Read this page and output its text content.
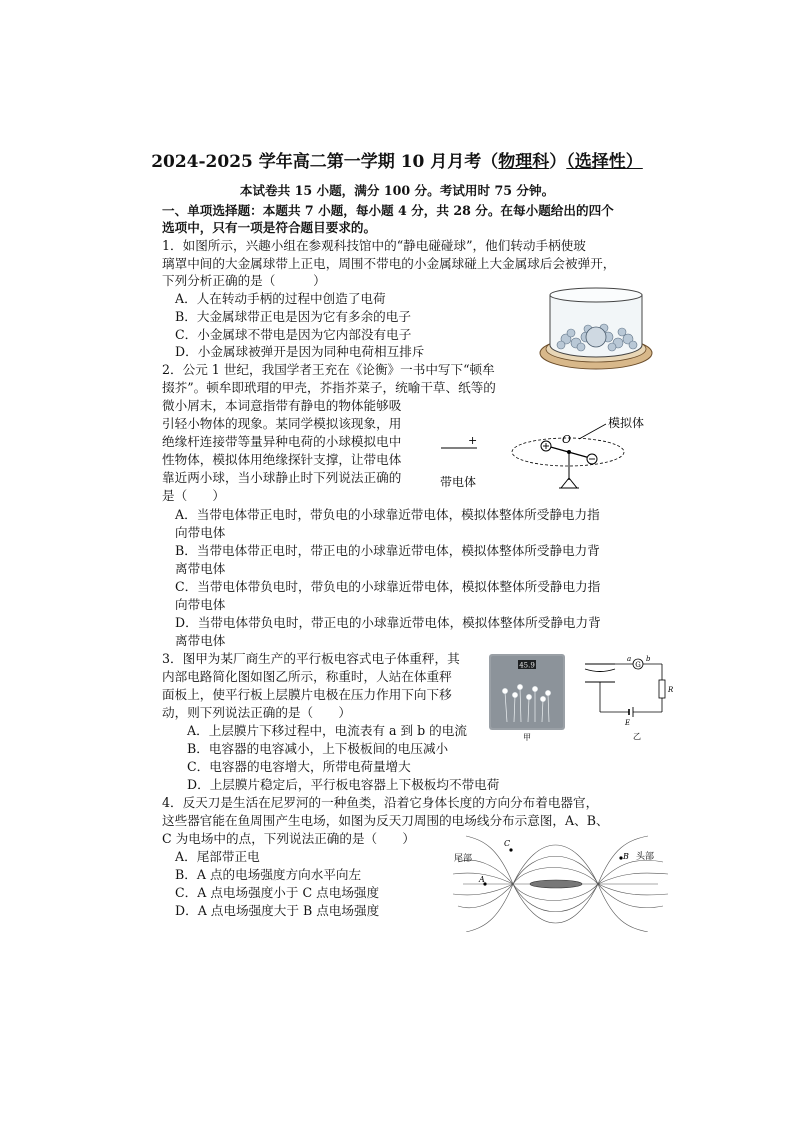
2024-2025 学年高二第一学期 10 月月考（物理科）（选择性）
本试卷共 15 小题，满分 100 分。考试用时 75 分钟。
一、单项选择题：本题共 7 小题，每小题 4 分，共 28 分。在每小题给出的四个
选项中，只有一项是符合题目要求的。
1．如图所示，兴趣小组在参观科技馆中的“静电碰碰球”，他们转动手柄使玻
璃罩中间的大金属球带上正电，周围不带电的小金属球碰上大金属球后会被弹开，
下列分析正确的是（　　　）
A．人在转动手柄的过程中创造了电荷
B．大金属球带正电是因为它有多余的电子
C．小金属球不带电是因为它内部没有电子
D．小金属球被弹开是因为同种电荷相互排斥
2．公元 1 世纪，我国学者王充在《论衡》一书中写下“顿牟
掇芥”。顿牟即玳瑁的甲壳，芥指芥菜子，统喻干草、纸等的
微小屑末，本词意指带有静电的物体能够吸
引轻小物体的现象。某同学模拟该现象，用
绝缘杆连接带等量异种电荷的小球模拟电中
性物体，模拟体用绝缘探针支撑，让带电体
靠近两小球，当小球静止时下列说法正确的
是（　　）
+
带电体
O
模拟体
A．当带电体带正电时，带负电的小球靠近带电体，模拟体整体所受静电力指
向带电体
B．当带电体带正电时，带正电的小球靠近带电体，模拟体整体所受静电力背
离带电体
C．当带电体带负电时，带负电的小球靠近带电体，模拟体整体所受静电力指
向带电体
D．当带电体带负电时，带正电的小球靠近带电体，模拟体整体所受静电力背
离带电体
3．图甲为某厂商生产的平行板电容式电子体重秤，其
内部电路简化图如图乙所示，称重时，人站在体重秤
面板上，使平行板上层膜片电极在压力作用下向下移
动，则下列说法正确的是（　　）
A．上层膜片下移过程中，电流表有 a 到 b 的电流
B．电容器的电容减小，上下极板间的电压减小
C．电容器的电容增大，所带电荷量增大
D．上层膜片稳定后，平行板电容器上下极板均不带电荷
45.9
甲
G
a b
R
E
乙
4．反天刀是生活在尼罗河的一种鱼类，沿着它身体长度的方向分布着电器官，
这些器官能在鱼周围产生电场，如图为反天刀周围的电场线分布示意图，A、B、
C 为电场中的点，下列说法正确的是（　　）
A．尾部带正电
B．A 点的电场强度方向水平向左
C．A 点电场强度小于 C 点电场强度
D．A 点电场强度大于 B 点电场强度
A
C
B
尾部	头部
